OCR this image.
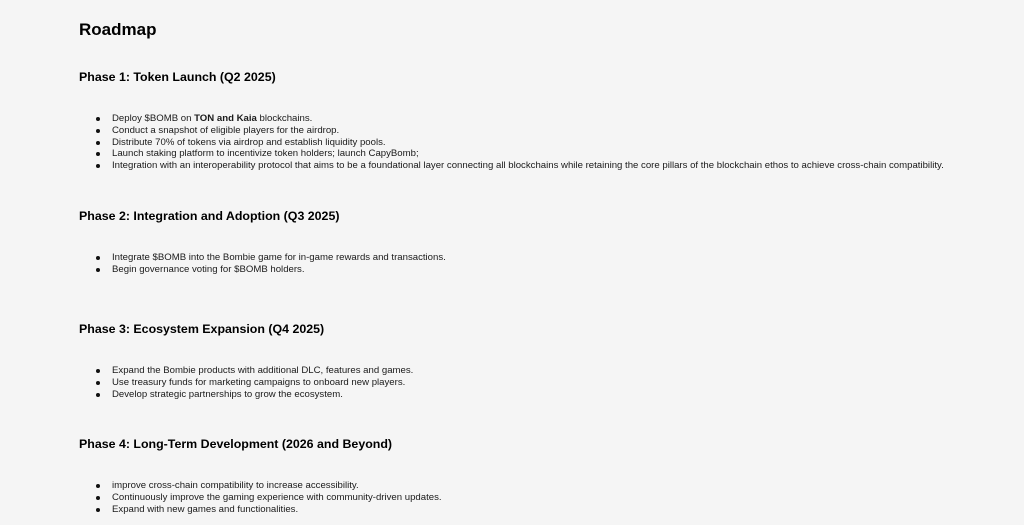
Roadmap
Phase 1: Token Launch (Q2 2025)
Deploy $BOMB on TON and Kaia blockchains.
Conduct a snapshot of eligible players for the airdrop.
Distribute 70% of tokens via airdrop and establish liquidity pools.
Launch staking platform to incentivize token holders; launch CapyBomb;
Integration with an interoperability protocol that aims to be a foundational layer connecting all blockchains while retaining the core pillars of the blockchain ethos to achieve cross-chain compatibility.
Phase 2: Integration and Adoption (Q3 2025)
Integrate $BOMB into the Bombie game for in-game rewards and transactions.
Begin governance voting for $BOMB holders.
Phase 3: Ecosystem Expansion (Q4 2025)
Expand the Bombie products with additional DLC, features and games.
Use treasury funds for marketing campaigns to onboard new players.
Develop strategic partnerships to grow the ecosystem.
Phase 4: Long-Term Development (2026 and Beyond)
improve cross-chain compatibility to increase accessibility.
Continuously improve the gaming experience with community-driven updates.
Expand with new games and functionalities.
